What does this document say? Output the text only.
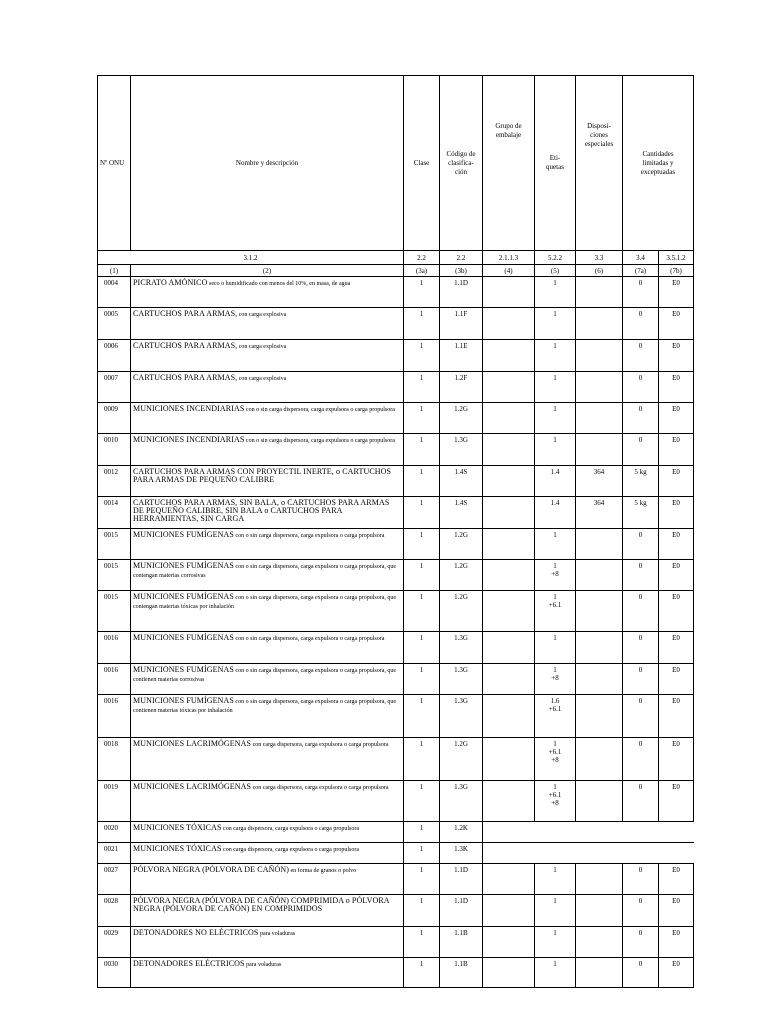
Nº ONU	Nombre y descripción	Clase	Código de
clasifica-
ción	Grupo de
embalaje	Eti-
quetas	Disposi-
ciones
especiales	Cantidades
limitadas y
exceptuadas	
3.1.2		2.2	2.2	2.1.1.3	5.2.2	3.3	3.4	3.5.1.2
(1)	(2)	(3a)	(3b)	(4)	(5)	(6)	(7a)	(7b)
0004	PICRATO AMÓNICO seco o humidificado con menos del 10%, en masa, de agua	1	1.1D		1		0	E0
0005	CARTUCHOS PARA ARMAS, con carga explosiva	1	1.1F		1		0	E0
0006	CARTUCHOS PARA ARMAS, con carga explosiva	1	1.1E		1		0	E0
0007	CARTUCHOS PARA ARMAS, con carga explosiva	1	1.2F		1		0	E0
0009	MUNICIONES INCENDIARIAS con o sin carga dispersora, carga expulsora o carga propulsora	1	1.2G		1		0	E0
0010	MUNICIONES INCENDIARIAS con o sin carga dispersora, carga expulsora o carga propulsora	1	1.3G		1		0	E0
0012	CARTUCHOS PARA ARMAS CON PROYECTIL INERTE, o CARTUCHOS PARA ARMAS DE PEQUEÑO CALIBRE	1	1.4S		1.4	364	5 kg	E0
0014	CARTUCHOS PARA ARMAS, SIN BALA, o CARTUCHOS PARA ARMAS DE PEQUEÑO CALIBRE, SIN BALA o CARTUCHOS PARA HERRAMIENTAS, SIN CARGA	1	1.4S		1.4	364	5 kg	E0
0015	MUNICIONES FUMÍGENAS con o sin carga dispersora, carga expulsora o carga propulsora	1	1.2G		1		0	E0
0015	MUNICIONES FUMÍGENAS con o sin carga dispersora, carga expulsora o carga propulsora, que contengan materias corrosivas	1	1.2G		1
+8		0	E0
0015	MUNICIONES FUMÍGENAS con o sin carga dispersora, carga expulsora o carga propulsora, que contengan materias tóxicas por inhalación	1	1.2G		1
+6.1		0	E0
0016	MUNICIONES FUMÍGENAS con o sin carga dispersora, carga expulsora o carga propulsora	1	1.3G		1		0	E0
0016	MUNICIONES FUMÍGENAS con o sin carga dispersora, carga expulsora o carga propulsora, que contienen materias corrosivas	1	1.3G		1
+8		0	E0
0016	MUNICIONES FUMÍGENAS con o sin carga dispersora, carga expulsora o carga propulsora, que contienen materias tóxicas por inhalación	1	1.3G		1.6
+6.1		0	E0
0018	MUNICIONES LACRIMÓGENAS con carga dispersora, carga expulsora o carga propulsora	1	1.2G		1
+6.1
+8		0	E0
0019	MUNICIONES LACRIMÓGENAS con carga dispersora, carga expulsora o carga propulsora	1	1.3G		1
+6.1
+8		0	E0
0020	MUNICIONES TÓXICAS con carga dispersora, carga expulsora o carga propulsora	1	1.2K					
0021	MUNICIONES TÓXICAS con carga dispersora, carga expulsora o carga propulsora	1	1.3K					
0027	PÓLVORA NEGRA (PÓLVORA DE CAÑÓN) en forma de granos o polvo	1	1.1D		1		0	E0
0028	PÓLVORA NEGRA (PÓLVORA DE CAÑÓN) COMPRIMIDA o PÓLVORA NEGRA (PÓLVORA DE CAÑÓN) EN COMPRIMIDOS	1	1.1D		1		0	E0
0029	DETONADORES NO ELÉCTRICOS para voladuras	1	1.1B		1		0	E0
0030	DETONADORES ELÉCTRICOS para voladuras	1	1.1B		1		0	E0
